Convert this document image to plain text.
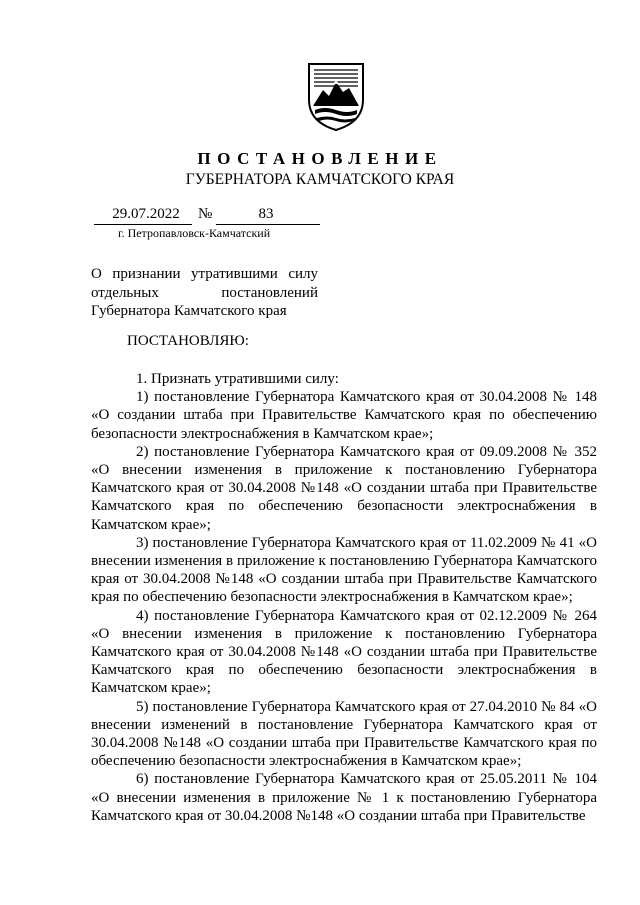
ПОСТАНОВЛЕНИЕ
ГУБЕРНАТОРА КАМЧАТСКОГО КРАЯ
29.07.2022	№	83
г. Петропавловск-Камчатский
О признании утратившими силу
отдельных постановлений
Губернатора Камчатского края
ПОСТАНОВЛЯЮ:

1. Признать утратившими силу:

1) постановление Губернатора Камчатского края от 30.04.2008 № 148 «О создании штаба при Правительстве Камчатского края по обеспечению безопасности электроснабжения в Камчатском крае»;

2) постановление Губернатора Камчатского края от 09.09.2008 № 352 «О внесении изменения в приложение к постановлению Губернатора Камчатского края от 30.04.2008 №148 «О создании штаба при Правительстве Камчатского края по обеспечению безопасности электроснабжения в Камчатском крае»;

3) постановление Губернатора Камчатского края от 11.02.2009 № 41 «О внесении изменения в приложение к постановлению Губернатора Камчатского края от 30.04.2008 №148 «О создании штаба при Правительстве Камчатского края по обеспечению безопасности электроснабжения в Камчатском крае»;

4) постановление Губернатора Камчатского края от 02.12.2009 № 264 «О внесении изменения в приложение к постановлению Губернатора Камчатского края от 30.04.2008 №148 «О создании штаба при Правительстве Камчатского края по обеспечению безопасности электроснабжения в Камчатском крае»;

5) постановление Губернатора Камчатского края от 27.04.2010 № 84 «О внесении изменений в постановление Губернатора Камчатского края от 30.04.2008 №148 «О создании штаба при Правительстве Камчатского края по обеспечению безопасности электроснабжения в Камчатском крае»;

6) постановление Губернатора Камчатского края от 25.05.2011 № 104 «О внесении изменения в приложение № 1 к постановлению Губернатора Камчатского края от 30.04.2008 №148 «О создании штаба при Правительстве
